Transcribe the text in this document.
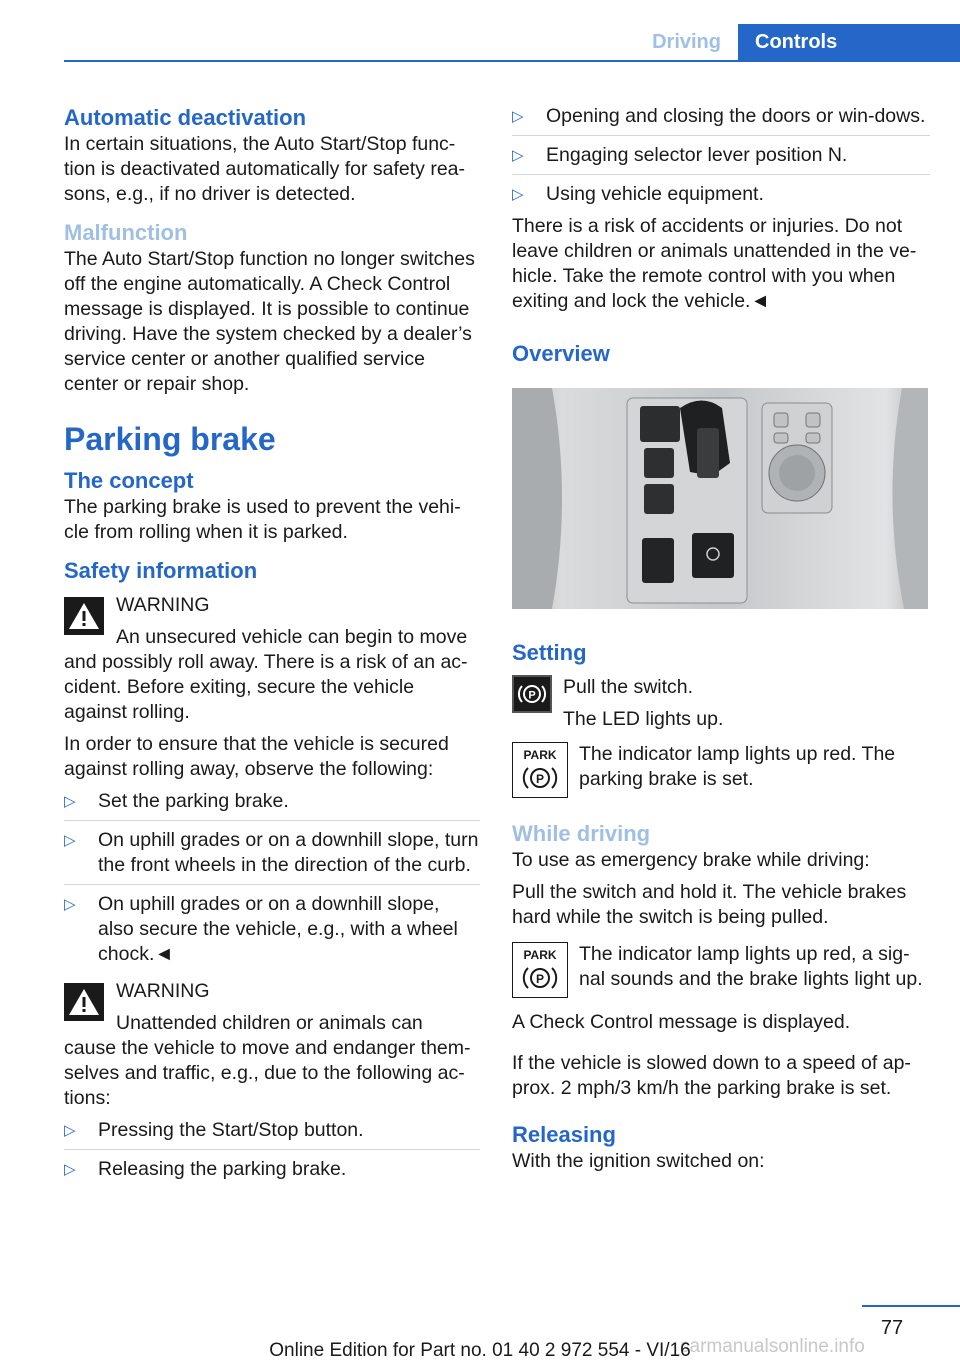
Driving	Controls
Automatic deactivation

In certain situations, the Auto Start/Stop func‐tion is deactivated automatically for safety rea‐sons, e.g., if no driver is detected.

Malfunction

The Auto Start/Stop function no longer switches off the engine automatically. A Check Control message is displayed. It is possible to continue driving. Have the system checked by a dealer’s service center or another qualified service center or repair shop.

Parking brake
The concept

The parking brake is used to prevent the vehi‐cle from rolling when it is parked.

Safety information
WARNING
An unsecured vehicle can begin to move and possibly roll away. There is a risk of an ac‐cident. Before exiting, secure the vehicle against rolling.

In order to ensure that the vehicle is secured against rolling away, observe the following:

▷ Set the parking brake.
▷ On uphill grades or on a downhill slope, turn the front wheels in the direction of the curb.
▷ On uphill grades or on a downhill slope, also secure the vehicle, e.g., with a wheel chock.◄
WARNING
Unattended children or animals can cause the vehicle to move and endanger them‐selves and traffic, e.g., due to the following ac‐tions:
▷ Pressing the Start/Stop button.
▷ Releasing the parking brake.
▷ Opening and closing the doors or win‐dows.
▷ Engaging selector lever position N.
▷ Using vehicle equipment.

There is a risk of accidents or injuries. Do not leave children or animals unattended in the ve‐hicle. Take the remote control with you when exiting and lock the vehicle.◄

Overview
Setting
P Pull the switch.

The LED lights up.

PARK
P

The indicator lamp lights up red. The parking brake is set.

While driving

To use as emergency brake while driving:

Pull the switch and hold it. The vehicle brakes hard while the switch is being pulled.

PARK
P

The indicator lamp lights up red, a sig‐nal sounds and the brake lights light up.

A Check Control message is displayed.

If the vehicle is slowed down to a speed of ap‐prox. 2 mph/3 km/h the parking brake is set.

Releasing

With the ignition switched on:

77
carmanualsonline.info
Online Edition for Part no. 01 40 2 972 554 - VI/16
